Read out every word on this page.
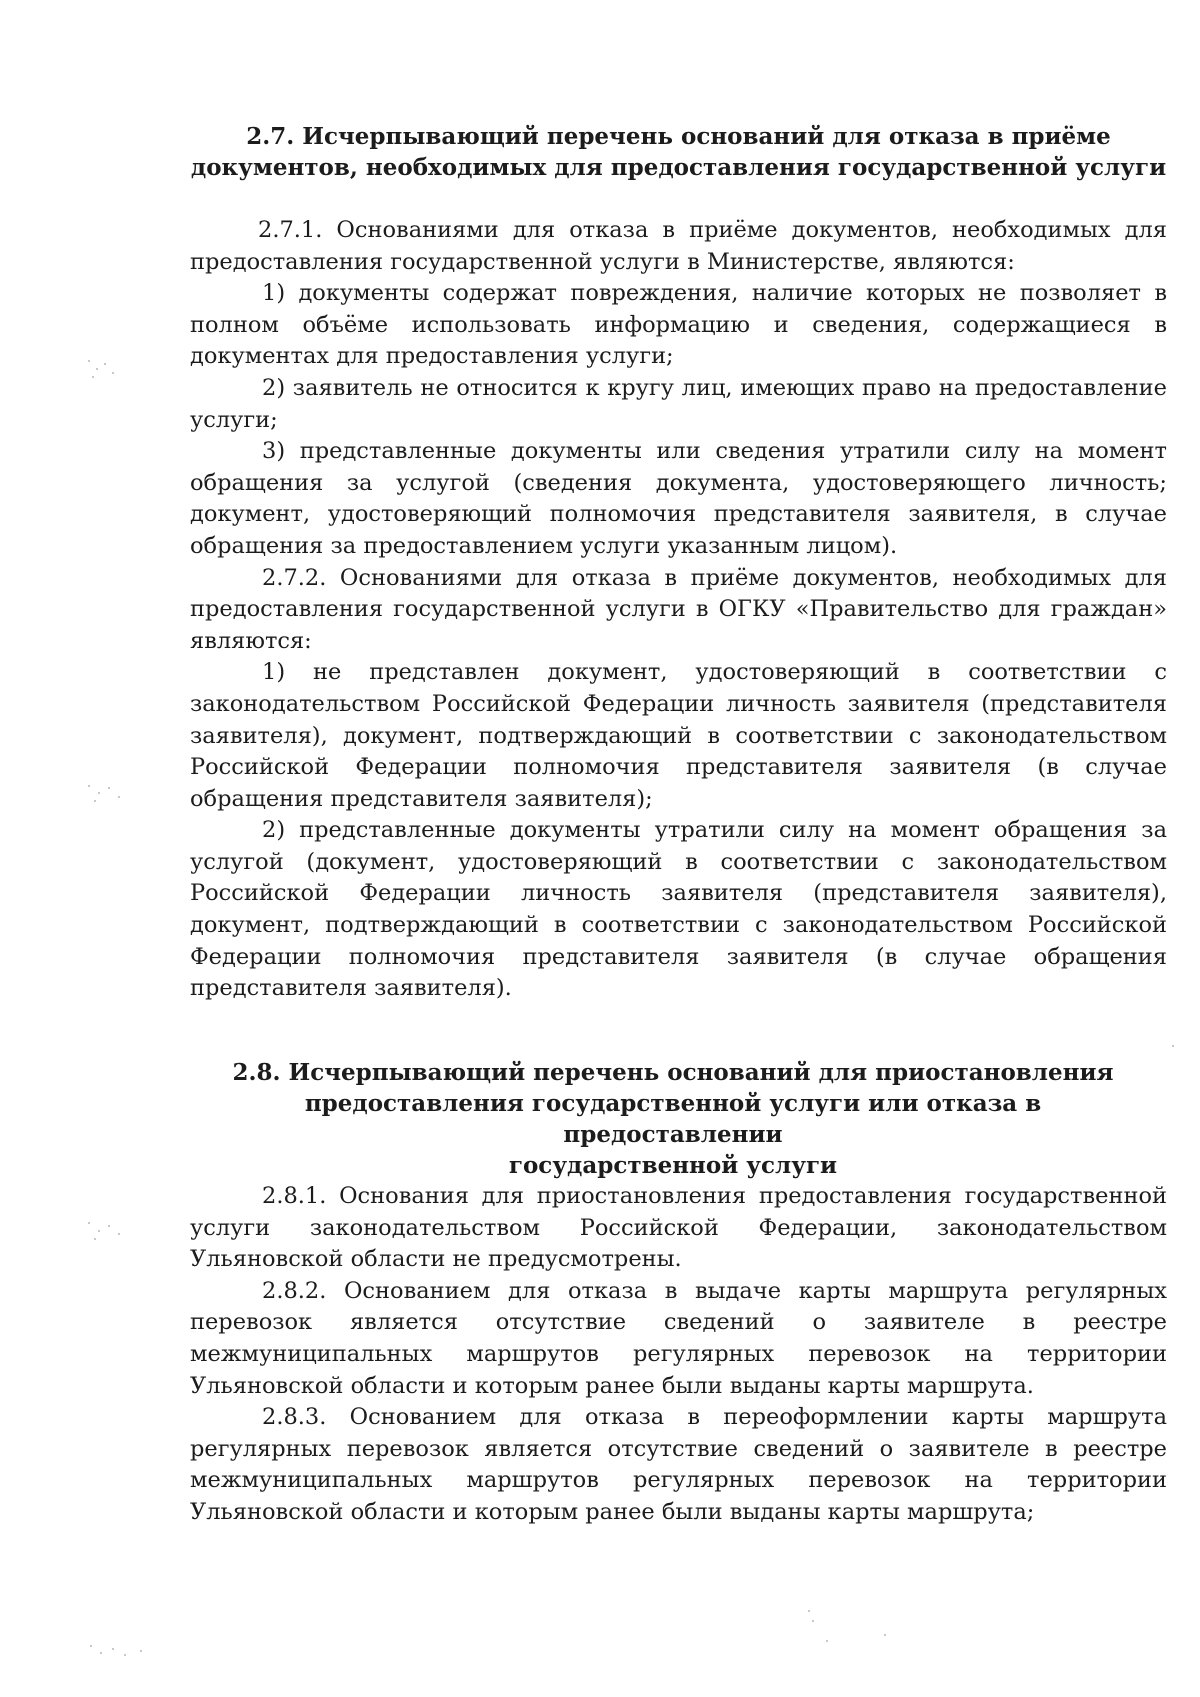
2.7. Исчерпывающий перечень оснований для отказа в приёме
документов, необходимых для предоставления государственной услуги

2.7.1. Основаниями для отказа в приёме документов, необходимых для предоставления государственной услуги в Министерстве, являются:

1) документы содержат повреждения, наличие которых не позволяет в полном объёме использовать информацию и сведения, содержащиеся в документах для предоставления услуги;

2) заявитель не относится к кругу лиц, имеющих право на предоставление услуги;

3) представленные документы или сведения утратили силу на момент обращения за услугой (сведения документа, удостоверяющего личность; документ, удостоверяющий полномочия представителя заявителя, в случае обращения за предоставлением услуги указанным лицом).

2.7.2. Основаниями для отказа в приёме документов, необходимых для предоставления государственной услуги в ОГКУ «Правительство для граждан» являются:

1) не представлен документ, удостоверяющий в соответствии с законодательством Российской Федерации личность заявителя (представителя заявителя), документ, подтверждающий в соответствии с законодательством Российской Федерации полномочия представителя заявителя (в случае обращения представителя заявителя);

2) представленные документы утратили силу на момент обращения за услугой (документ, удостоверяющий в соответствии с законодательством Российской Федерации личность заявителя (представителя заявителя), документ, подтверждающий в соответствии с законодательством Российской Федерации полномочия представителя заявителя (в случае обращения представителя заявителя).

2.8. Исчерпывающий перечень оснований для приостановления
предоставления государственной услуги или отказа в предоставлении
государственной услуги

2.8.1. Основания для приостановления предоставления государственной услуги законодательством Российской Федерации, законодательством Ульяновской области не предусмотрены.

2.8.2. Основанием для отказа в выдаче карты маршрута регулярных перевозок является отсутствие сведений о заявителе в реестре межмуниципальных маршрутов регулярных перевозок на территории Ульяновской области и которым ранее были выданы карты маршрута.

2.8.3. Основанием для отказа в переоформлении карты маршрута регулярных перевозок является отсутствие сведений о заявителе в реестре межмуниципальных маршрутов регулярных перевозок на территории Ульяновской области и которым ранее были выданы карты маршрута;
